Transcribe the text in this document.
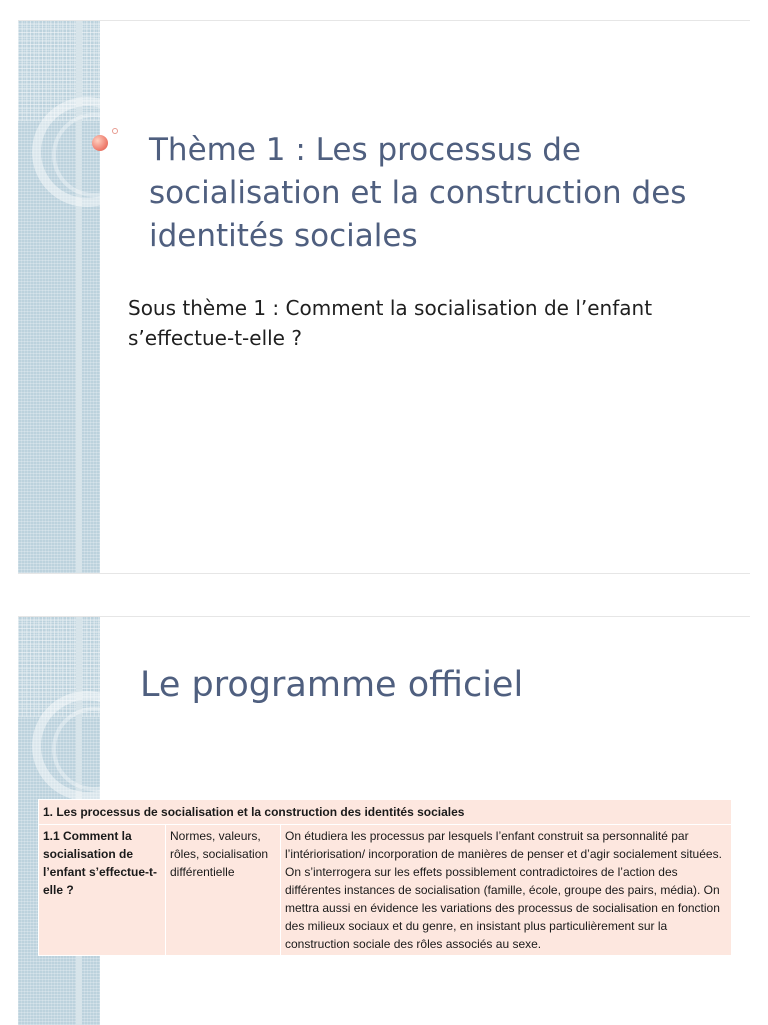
Thème 1 : Les processus de socialisation et la construction des identités sociales

Sous thème 1 : Comment la socialisation de l’enfant s’effectue-t-elle ?

Le programme officiel
1. Les processus de socialisation et la construction des identités sociales
1.1 Comment la socialisation de l’enfant s’effectue-t-elle ?	Normes, valeurs, rôles, socialisation différentielle	On étudiera les processus par lesquels l’enfant construit sa personnalité par l’intériorisation/ incorporation de manières de penser et d’agir socialement situées. On s’interrogera sur les effets possiblement contradictoires de l’action des différentes instances de socialisation (famille, école, groupe des pairs, média). On mettra aussi en évidence les variations des processus de socialisation en fonction des milieux sociaux et du genre, en insistant plus particulièrement sur la construction sociale des rôles associés au sexe.
